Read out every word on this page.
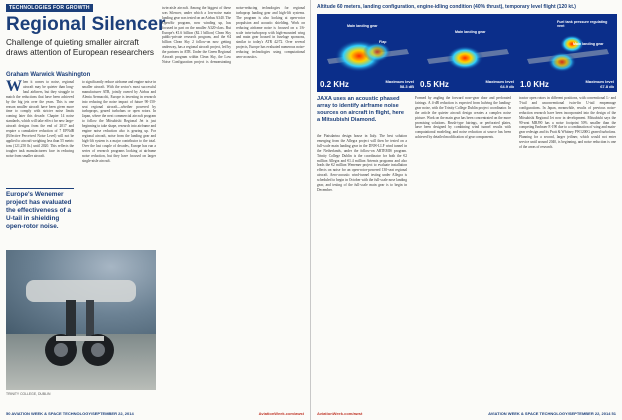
TECHNOLOGIES FOR GROWTH
Regional Silencer
Challenge of quieting smaller aircraft draws attention of European researchers
Graham Warwick Washington
W hen it comes to noise, regional aircraft may be quieter than long-haul airliners, but they struggle to match the reductions that have been achieved by the big jets over the years. This is one reason smaller aircraft have been given more time to comply with stricter noise limits coming later this decade. Chapter 14 noise standards, which will take effect for new large-aircraft designs from the end of 2017 and require a cumulative reduction of 7 EPNdB (Effective Perceived Noise Level) will not be applied to aircraft weighing less than 55 metric tons (121,250 lb.) until 2020. This reflects the tougher task manufacturers face in reducing noise from smaller aircraft.
Europe's Wenemer project has evaluated the effectiveness of a U-tail in shielding open-rotor noise.
to significantly reduce airframe and engine noise in smaller aircraft. With the sector's most successful manufacturer ATR, jointly owned by Airbus and Alenia Aermacchi, Europe is investing in research into reducing the noise impact of future 90-150-seat regional aircraft—whether powered by turboprops, geared turbofans or open rotors. In Japan, where the next commercial aircraft program to follow the Mitsubishi Regional Jet is just beginning to take shape, research into airframe and engine noise reduction also is gearing up. For regional aircraft, noise from the landing gear and high-lift system is a major contributor to the total. Over the last couple of decades, Europe has run a series of research programs looking at airframe noise reduction, but they have focused on larger single-aisle aircraft.
twin-aisle aircraft. Among the biggest of these was Silencer, under which a low-noise main landing gear was tested on an Airbus A340. The OpenAir program, now winding up, has focused in part on the smaller A320-class. But Europe's €1.6 billion ($2.1 billion) Clean Sky public-private research program, and the €4 billion Clean Sky 2 follow-on now getting underway, has a regional aircraft project, led by the partners in ATR. Under the Green Regional Aircraft program within Clean Sky, the Low Noise Configuration project is demonstrating noise-reducing technologies for regional turboprop landing gear and high-lift systems. The program is also looking at open-rotor propulsion and acoustic shielding. Work on reducing airframe noise is focused on a 1/6-scale twin-turboprop with high-mounted wing and main gear housed in fuselage sponsons, similar to today's ATR 42/72. Over several projects, Europe has evaluated numerous noise-reducing technologies using computational aero-acoustics.
TRINITY COLLEGE, DUBLIN
50 AVIATION WEEK & SPACE TECHNOLOGY/SEPTEMBER 22, 2014	AviationWeek.com/awst
Altitude 60 meters, landing configuration, engine-idling condition (40% thrust), temporary level flight (120 kt.)
Main landing gear
Flap
0.2 KHz	Maximum level
58.3 dB
Main landing gear
0.5 KHz	Maximum level
64.9 db
Fuel tank pressure regulating vent
Main landing gear
1.0 KHz	Maximum level
67.8 db
JAXA uses an acoustic phased array to identify airframe noise sources on aircraft in flight, here a Mitsubishi Diamond.
the Piaisdarina design house in Italy. The best solution emerging from the Allegra project will then be tested on a full-scale main landing gear in the DNW-LLF wind tunnel in the Netherlands, under the follow-on ARTEMIS program. Trinity College Dublin is the coordinator for both the €2 million Allegra and €1.4 million Artemis programs and also leads the €2 million Wenemer project to evaluate installation effects on noise for an open-rotor-powered 130-seat regional aircraft. Aero-acoustic wind-tunnel testing under Allegra is scheduled to begin in October with the full-scale nose landing gear, and testing of the full-scale main gear is to begin in December.
Formed by angling the forward nose-gear door and perforated fairings. A 4-dB reduction is expected from halving the landing-gear noise, with the Trinity College Dublin project coordinator. In the article the quieter aircraft design creates a complex noise picture. Work on the main gear has been concentrated on the more promising solutions. Brush-type fairings, or perforated plates, have been designed by combining wind tunnel results with computational modeling, and noise reduction at source has been achieved by detailed modification of gear components.
tractor open rotors in different positions, with conventional L- and T-tail and unconventional twin-fin U-tail empennage configurations. In Japan, meanwhile, results of previous noise-reduction research have been incorporated into the design of the Mitsubishi Regional Jet now in development. Mitsubishi says the 90-seat MRJ90 has a noise footprint 50% smaller than the competing Embraer E-190 due to a combination of wing and main-gear redesign and its Pratt & Whitney PW1200G geared turbofans. Planning for a second, larger jetliner, which would not enter service until around 2040, is beginning, and noise reduction is one of the areas of research.
AviationWeek.com/awst	AVIATION WEEK & SPACE TECHNOLOGY/SEPTEMBER 22, 2014 51
